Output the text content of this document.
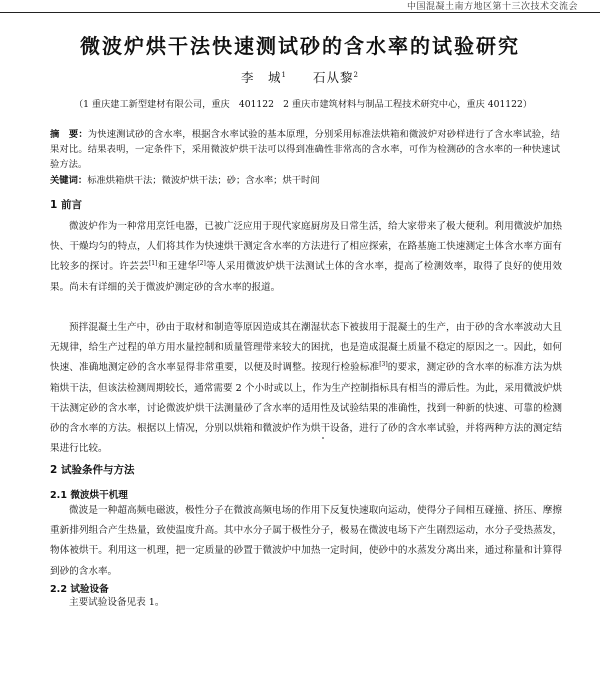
中国混凝土南方地区第十三次技术交流会
微波炉烘干法快速测试砂的含水率的试验研究
李　城$^1$ 石从黎$^2$
（1 重庆建工新型建材有限公司，重庆　401122　2 重庆市建筑材料与制品工程技术研究中心，重庆 401122）
摘　要：为快速测试砂的含水率，根据含水率试验的基本原理，分别采用标准法烘箱和微波炉对砂样进行了含水率试验，结果对比。结果表明，一定条件下，采用微波炉烘干法可以得到准确性非常高的含水率，可作为检测砂的含水率的一种快速试验方法。
关键词：标准烘箱烘干法；微波炉烘干法；砂；含水率；烘干时间
1 前言

微波炉作为一种常用烹饪电器，已被广泛应用于现代家庭厨房及日常生活，给大家带来了极大便利。利用微波炉加热快、干燥均匀的特点，人们将其作为快速烘干测定含水率的方法进行了相应探索，在路基施工快速测定土体含水率方面有比较多的探讨。许芸芸[1]和王建华[2]等人采用微波炉烘干法测试土体的含水率，提高了检测效率，取得了良好的使用效果。尚未有详细的关于微波炉测定砂的含水率的报道。

预拌混凝土生产中，砂由于取材和制造等原因造成其在潮湿状态下被拔用于混凝土的生产，由于砂的含水率波动大且无规律，给生产过程的单方用水量控制和质量管理带来较大的困扰，也是造成混凝土质量不稳定的原因之一。因此，如何快速、准确地测定砂的含水率显得非常重要，以便及时调整。按现行检验标准[3]的要求，测定砂的含水率的标准方法为烘箱烘干法，但该法检测周期较长，通常需要 2 个小时或以上，作为生产控制指标具有相当的滞后性。为此，采用微波炉烘干法测定砂的含水率，讨论微波炉烘干法测量砂了含水率的适用性及试验结果的准确性，找到一种新的快速、可靠的检测砂的含水率的方法。根据以上情况，分别以烘箱和微波炉作为烘干设备，进行了砂的含水率试验，并将两种方法的测定结果进行比较。

2 试验条件与方法
2.1 微波烘干机理

微波是一种超高频电磁波，极性分子在微波高频电场的作用下反复快速取向运动，使得分子间相互碰撞、挤压、摩擦重新排列组合产生热量，致使温度升高。其中水分子属于极性分子，极易在微波电场下产生剧烈运动，水分子受热蒸发，物体被烘干。利用这一机理，把一定质量的砂置于微波炉中加热一定时间，使砂中的水蒸发分离出来，通过称量和计算得到砂的含水率。

2.2 试验设备

主要试验设备见表 1。
